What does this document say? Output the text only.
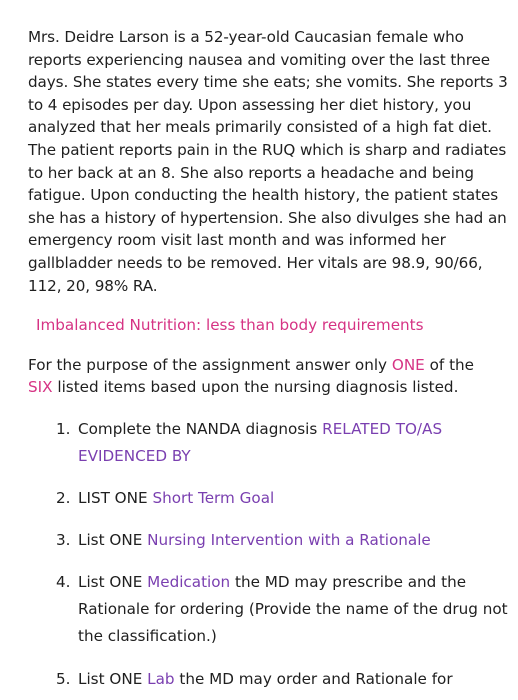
Mrs. Deidre Larson is a 52-year-old Caucasian female who reports experiencing nausea and vomiting over the last three days. She states every time she eats; she vomits. She reports 3 to 4 episodes per day. Upon assessing her diet history, you analyzed that her meals primarily consisted of a high fat diet. The patient reports pain in the RUQ which is sharp and radiates to her back at an 8. She also reports a headache and being fatigue. Upon conducting the health history, the patient states she has a history of hypertension. She also divulges she had an emergency room visit last month and was informed her gallbladder needs to be removed. Her vitals are 98.9, 90/66, 112, 20, 98% RA.

Imbalanced Nutrition: less than body requirements

For the purpose of the assignment answer only ONE of the
SIX listed items based upon the nursing diagnosis listed.

1. Complete the NANDA diagnosis RELATED TO/AS EVIDENCED BY
2. LIST ONE Short Term Goal
3. List ONE Nursing Intervention with a Rationale
4. List ONE Medication the MD may prescribe and the Rationale for ordering (Provide the name of the drug not the classification.)
5. List ONE Lab the MD may order and Rationale for
